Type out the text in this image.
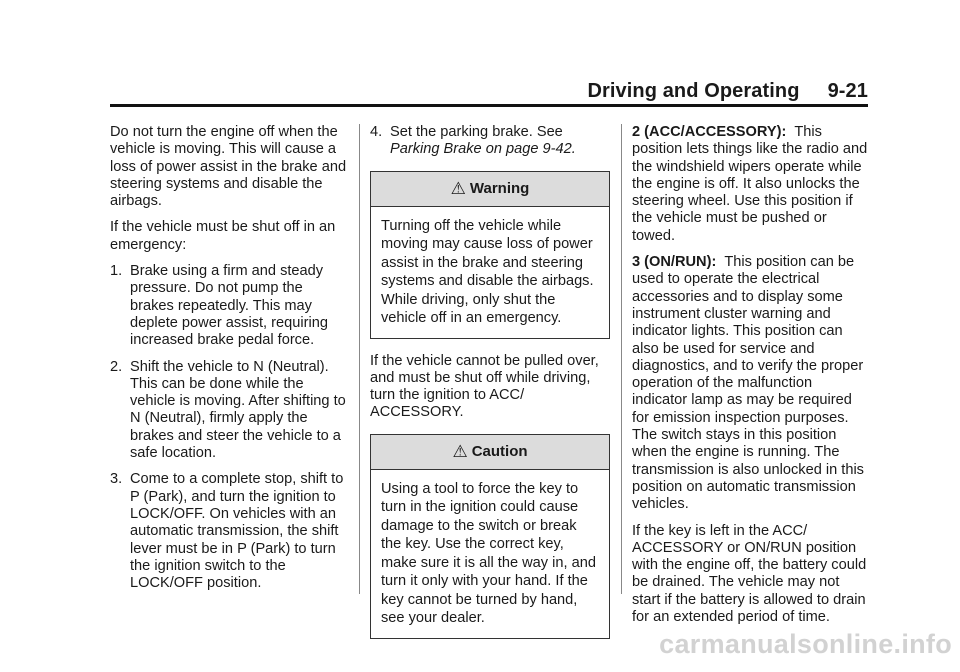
Driving and Operating 9-21

Do not turn the engine off when the vehicle is moving. This will cause a loss of power assist in the brake and steering systems and disable the airbags.

If the vehicle must be shut off in an emergency:

1. Brake using a firm and steady pressure. Do not pump the brakes repeatedly. This may deplete power assist, requiring increased brake pedal force.
2. Shift the vehicle to N (Neutral). This can be done while the vehicle is moving. After shifting to N (Neutral), firmly apply the brakes and steer the vehicle to a safe location.
3. Come to a complete stop, shift to P (Park), and turn the ignition to LOCK/OFF. On vehicles with an automatic transmission, the shift lever must be in P (Park) to turn the ignition switch to the LOCK/OFF position.
4. Set the parking brake. See
Parking Brake on page 9-42.
⚠ Warning
Turning off the vehicle while moving may cause loss of power assist in the brake and steering systems and disable the airbags. While driving, only shut the vehicle off in an emergency.

If the vehicle cannot be pulled over, and must be shut off while driving, turn the ignition to ACC/ ACCESSORY.

⚠ Caution
Using a tool to force the key to turn in the ignition could cause damage to the switch or break the key. Use the correct key, make sure it is all the way in, and turn it only with your hand. If the key cannot be turned by hand, see your dealer.

2 (ACC/ACCESSORY): This position lets things like the radio and the windshield wipers operate while the engine is off. It also unlocks the steering wheel. Use this position if the vehicle must be pushed or towed.

3 (ON/RUN): This position can be used to operate the electrical accessories and to display some instrument cluster warning and indicator lights. This position can also be used for service and diagnostics, and to verify the proper operation of the malfunction indicator lamp as may be required for emission inspection purposes. The switch stays in this position when the engine is running. The transmission is also unlocked in this position on automatic transmission vehicles.

If the key is left in the ACC/ ACCESSORY or ON/RUN position with the engine off, the battery could be drained. The vehicle may not start if the battery is allowed to drain for an extended period of time.

carmanualsonline.info
